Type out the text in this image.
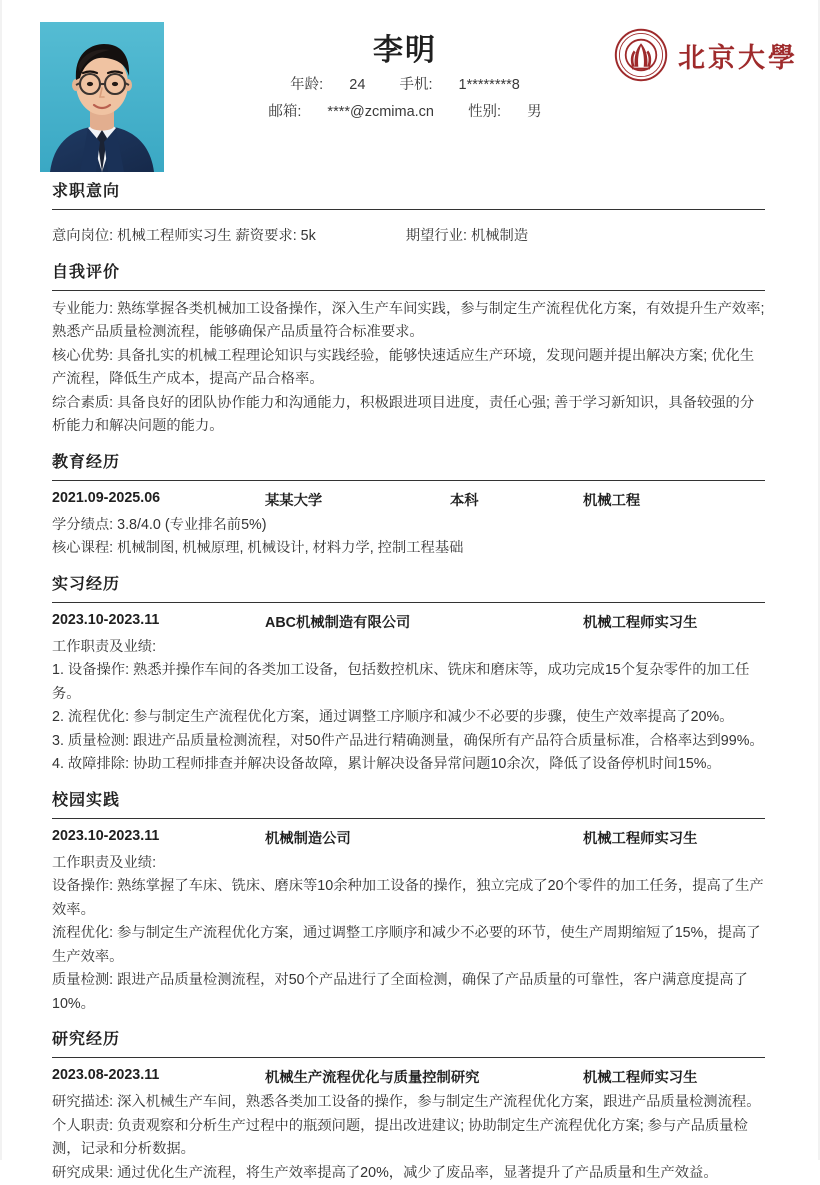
李明
年龄: 24 手机: 1********8
邮箱: ****@zcmima.cn 性别: 男
北京大學
求职意向
意向岗位: 机械工程师实习生 薪资要求: 5k	期望行业: 机械制造
自我评价
专业能力: 熟练掌握各类机械加工设备操作，深入生产车间实践，参与制定生产流程优化方案，有效提升生产效率; 熟悉产品质量检测流程，能够确保产品质量符合标准要求。
核心优势: 具备扎实的机械工程理论知识与实践经验，能够快速适应生产环境，发现问题并提出解决方案; 优化生产流程，降低生产成本，提高产品合格率。
综合素质: 具备良好的团队协作能力和沟通能力，积极跟进项目进度，责任心强; 善于学习新知识，具备较强的分析能力和解决问题的能力。
教育经历
2021.09-2025.06	某某大学	本科	机械工程
学分绩点: 3.8/4.0 (专业排名前5%)
核心课程: 机械制图, 机械原理, 机械设计, 材料力学, 控制工程基础
实习经历
2023.10-2023.11	ABC机械制造有限公司	机械工程师实习生
工作职责及业绩:
1. 设备操作: 熟悉并操作车间的各类加工设备，包括数控机床、铣床和磨床等，成功完成15个复杂零件的加工任务。
2. 流程优化: 参与制定生产流程优化方案，通过调整工序顺序和减少不必要的步骤，使生产效率提高了20%。
3. 质量检测: 跟进产品质量检测流程，对50件产品进行精确测量，确保所有产品符合质量标准，合格率达到99%。
4. 故障排除: 协助工程师排查并解决设备故障，累计解决设备异常问题10余次，降低了设备停机时间15%。
校园实践
2023.10-2023.11	机械制造公司	机械工程师实习生
工作职责及业绩:
设备操作: 熟练掌握了车床、铣床、磨床等10余种加工设备的操作，独立完成了20个零件的加工任务，提高了生产效率。
流程优化: 参与制定生产流程优化方案，通过调整工序顺序和减少不必要的环节，使生产周期缩短了15%，提高了生产效率。
质量检测: 跟进产品质量检测流程，对50个产品进行了全面检测，确保了产品质量的可靠性，客户满意度提高了10%。
研究经历
2023.08-2023.11	机械生产流程优化与质量控制研究	机械工程师实习生
研究描述: 深入机械生产车间，熟悉各类加工设备的操作，参与制定生产流程优化方案，跟进产品质量检测流程。
个人职责: 负责观察和分析生产过程中的瓶颈问题，提出改进建议; 协助制定生产流程优化方案; 参与产品质量检测，记录和分析数据。
研究成果: 通过优化生产流程，将生产效率提高了20%，减少了废品率，显著提升了产品质量和生产效益。
